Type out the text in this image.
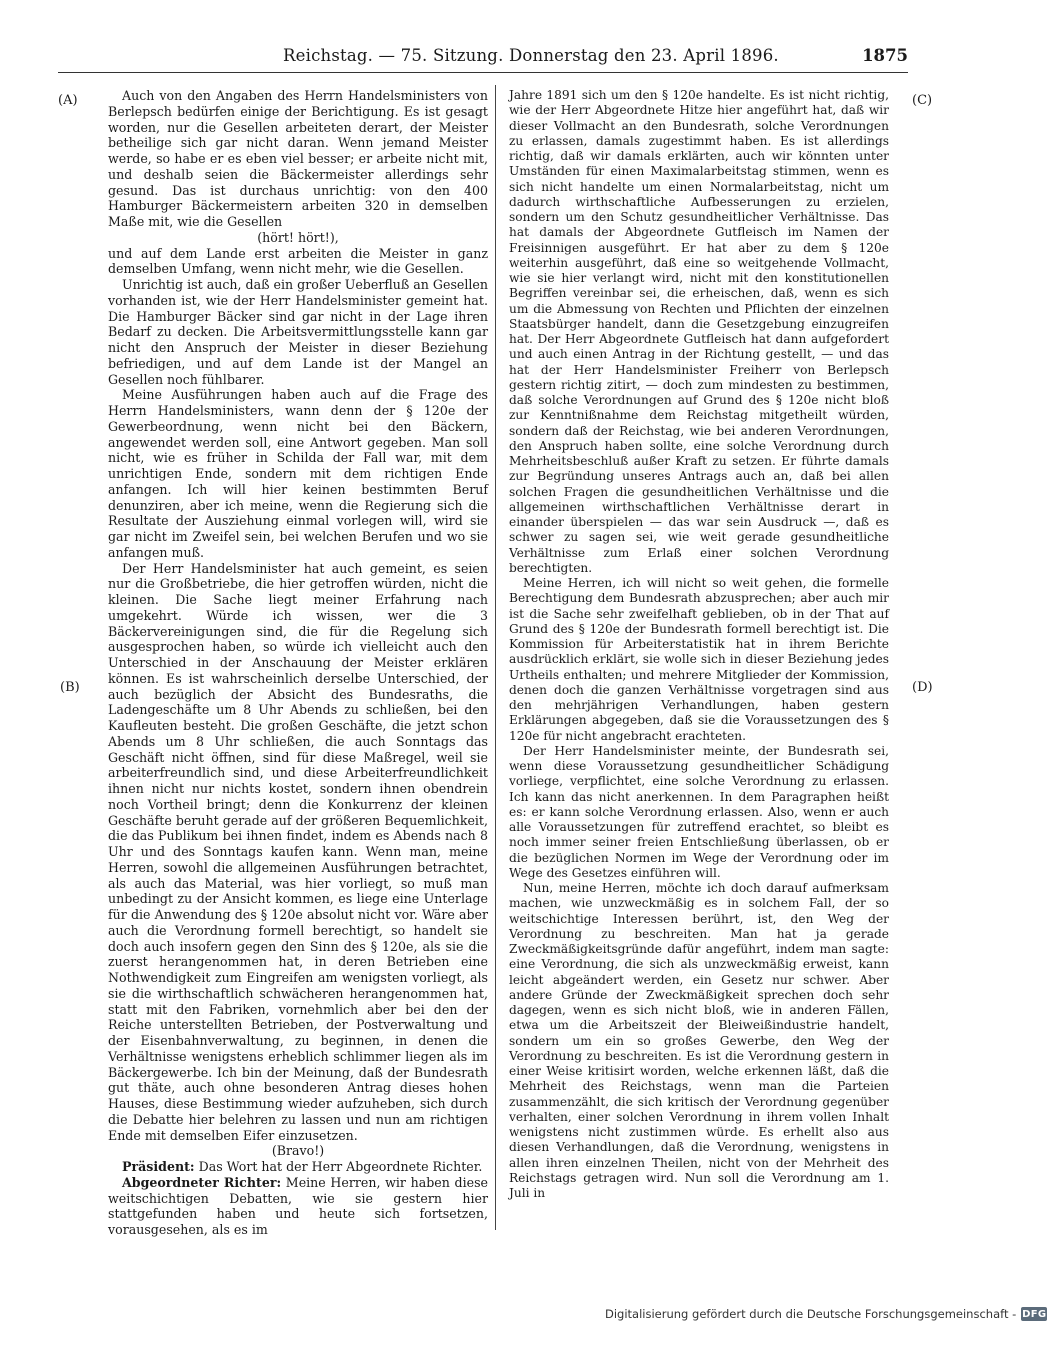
Reichstag. — 75. Sitzung. Donnerstag den 23. April 1896.	1875
(A)
(B)
(C)
(D)

Auch von den Angaben des Herrn Handelsministers von Berlepsch bedürfen einige der Berichtigung. Es ist gesagt worden, nur die Gesellen arbeiteten derart, der Meister betheilige sich gar nicht daran. Wenn jemand Meister werde, so habe er es eben viel besser; er arbeite nicht mit, und deshalb seien die Bäckermeister allerdings sehr gesund. Das ist durchaus unrichtig: von den 400 Hamburger Bäckermeistern arbeiten 320 in demselben Maße mit, wie die Gesellen

(hört! hört!),

und auf dem Lande erst arbeiten die Meister in ganz demselben Umfang, wenn nicht mehr, wie die Gesellen.

Unrichtig ist auch, daß ein großer Ueberfluß an Gesellen vorhanden ist, wie der Herr Handelsminister gemeint hat. Die Hamburger Bäcker sind gar nicht in der Lage ihren Bedarf zu decken. Die Arbeitsvermittlungsstelle kann gar nicht den Anspruch der Meister in dieser Beziehung befriedigen, und auf dem Lande ist der Mangel an Gesellen noch fühlbarer.

Meine Ausführungen haben auch auf die Frage des Herrn Handelsministers, wann denn der § 120e der Gewerbeordnung, wenn nicht bei den Bäckern, angewendet werden soll, eine Antwort gegeben. Man soll nicht, wie es früher in Schilda der Fall war, mit dem unrichtigen Ende, sondern mit dem richtigen Ende anfangen. Ich will hier keinen bestimmten Beruf denunziren, aber ich meine, wenn die Regierung sich die Resultate der Ausziehung einmal vorlegen will, wird sie gar nicht im Zweifel sein, bei welchen Berufen und wo sie anfangen muß.

Der Herr Handelsminister hat auch gemeint, es seien nur die Großbetriebe, die hier getroffen würden, nicht die kleinen. Die Sache liegt meiner Erfahrung nach umgekehrt. Würde ich wissen, wer die 3 Bäckervereinigungen sind, die für die Regelung sich ausgesprochen haben, so würde ich vielleicht auch den Unterschied in der Anschauung der Meister erklären können. Es ist wahrscheinlich derselbe Unterschied, der auch bezüglich der Absicht des Bundesraths, die Ladengeschäfte um 8 Uhr Abends zu schließen, bei den Kaufleuten besteht. Die großen Geschäfte, die jetzt schon Abends um 8 Uhr schließen, die auch Sonntags das Geschäft nicht öffnen, sind für diese Maßregel, weil sie arbeiterfreundlich sind, und diese Arbeiterfreundlichkeit ihnen nicht nur nichts kostet, sondern ihnen obendrein noch Vortheil bringt; denn die Konkurrenz der kleinen Geschäfte beruht gerade auf der größeren Bequemlichkeit, die das Publikum bei ihnen findet, indem es Abends nach 8 Uhr und des Sonntags kaufen kann. Wenn man, meine Herren, sowohl die allgemeinen Ausführungen betrachtet, als auch das Material, was hier vorliegt, so muß man unbedingt zu der Ansicht kommen, es liege eine Unterlage für die Anwendung des § 120e absolut nicht vor. Wäre aber auch die Verordnung formell berechtigt, so handelt sie doch auch insofern gegen den Sinn des § 120e, als sie die zuerst herangenommen hat, in deren Betrieben eine Nothwendigkeit zum Eingreifen am wenigsten vorliegt, als sie die wirthschaftlich schwächeren herangenommen hat, statt mit den Fabriken, vornehmlich aber bei den der Reiche unterstellten Betrieben, der Postverwaltung und der Eisenbahnverwaltung, zu beginnen, in denen die Verhältnisse wenigstens erheblich schlimmer liegen als im Bäckergewerbe. Ich bin der Meinung, daß der Bundesrath gut thäte, auch ohne besonderen Antrag dieses hohen Hauses, diese Bestimmung wieder aufzuheben, sich durch die Debatte hier belehren zu lassen und nun am richtigen Ende mit demselben Eifer einzusetzen.

(Bravo!)

Präsident: Das Wort hat der Herr Abgeordnete Richter.

Abgeordneter Richter: Meine Herren, wir haben diese weitschichtigen Debatten, wie sie gestern hier stattgefunden haben und heute sich fortsetzen, vorausgesehen, als es im

Jahre 1891 sich um den § 120e handelte. Es ist nicht richtig, wie der Herr Abgeordnete Hitze hier angeführt hat, daß wir dieser Vollmacht an den Bundesrath, solche Verordnungen zu erlassen, damals zugestimmt haben. Es ist allerdings richtig, daß wir damals erklärten, auch wir könnten unter Umständen für einen Maximalarbeitstag stimmen, wenn es sich nicht handelte um einen Normalarbeitstag, nicht um dadurch wirthschaftliche Aufbesserungen zu erzielen, sondern um den Schutz gesundheitlicher Verhältnisse. Das hat damals der Abgeordnete Gutfleisch im Namen der Freisinnigen ausgeführt. Er hat aber zu dem § 120e weiterhin ausgeführt, daß eine so weitgehende Vollmacht, wie sie hier verlangt wird, nicht mit den konstitutionellen Begriffen vereinbar sei, die erheischen, daß, wenn es sich um die Abmessung von Rechten und Pflichten der einzelnen Staatsbürger handelt, dann die Gesetzgebung einzugreifen hat. Der Herr Abgeordnete Gutfleisch hat dann aufgefordert und auch einen Antrag in der Richtung gestellt, — und das hat der Herr Handelsminister Freiherr von Berlepsch gestern richtig zitirt, — doch zum mindesten zu bestimmen, daß solche Verordnungen auf Grund des § 120e nicht bloß zur Kenntnißnahme dem Reichstag mitgetheilt würden, sondern daß der Reichstag, wie bei anderen Verordnungen, den Anspruch haben sollte, eine solche Verordnung durch Mehrheitsbeschluß außer Kraft zu setzen. Er führte damals zur Begründung unseres Antrags auch an, daß bei allen solchen Fragen die gesundheitlichen Verhältnisse und die allgemeinen wirthschaftlichen Verhältnisse derart in einander überspielen — das war sein Ausdruck —, daß es schwer zu sagen sei, wie weit gerade gesundheitliche Verhältnisse zum Erlaß einer solchen Verordnung berechtigten.

Meine Herren, ich will nicht so weit gehen, die formelle Berechtigung dem Bundesrath abzusprechen; aber auch mir ist die Sache sehr zweifelhaft geblieben, ob in der That auf Grund des § 120e der Bundesrath formell berechtigt ist. Die Kommission für Arbeiterstatistik hat in ihrem Berichte ausdrücklich erklärt, sie wolle sich in dieser Beziehung jedes Urtheils enthalten; und mehrere Mitglieder der Kommission, denen doch die ganzen Verhältnisse vorgetragen sind aus den mehrjährigen Verhandlungen, haben gestern Erklärungen abgegeben, daß sie die Voraussetzungen des § 120e für nicht angebracht erachteten.

Der Herr Handelsminister meinte, der Bundesrath sei, wenn diese Voraussetzung gesundheitlicher Schädigung vorliege, verpflichtet, eine solche Verordnung zu erlassen. Ich kann das nicht anerkennen. In dem Paragraphen heißt es: er kann solche Verordnung erlassen. Also, wenn er auch alle Voraussetzungen für zutreffend erachtet, so bleibt es noch immer seiner freien Entschließung überlassen, ob er die bezüglichen Normen im Wege der Verordnung oder im Wege des Gesetzes einführen will.

Nun, meine Herren, möchte ich doch darauf aufmerksam machen, wie unzweckmäßig es in solchem Fall, der so weitschichtige Interessen berührt, ist, den Weg der Verordnung zu beschreiten. Man hat ja gerade Zweckmäßigkeitsgründe dafür angeführt, indem man sagte: eine Verordnung, die sich als unzweckmäßig erweist, kann leicht abgeändert werden, ein Gesetz nur schwer. Aber andere Gründe der Zweckmäßigkeit sprechen doch sehr dagegen, wenn es sich nicht bloß, wie in anderen Fällen, etwa um die Arbeitszeit der Bleiweißindustrie handelt, sondern um ein so großes Gewerbe, den Weg der Verordnung zu beschreiten. Es ist die Verordnung gestern in einer Weise kritisirt worden, welche erkennen läßt, daß die Mehrheit des Reichstags, wenn man die Parteien zusammenzählt, die sich kritisch der Verordnung gegenüber verhalten, einer solchen Verordnung in ihrem vollen Inhalt wenigstens nicht zustimmen würde. Es erhellt also aus diesen Verhandlungen, daß die Verordnung, wenigstens in allen ihren einzelnen Theilen, nicht von der Mehrheit des Reichstags getragen wird. Nun soll die Verordnung am 1. Juli in

Digitalisierung gefördert durch die Deutsche Forschungsgemeinschaft - DFG
